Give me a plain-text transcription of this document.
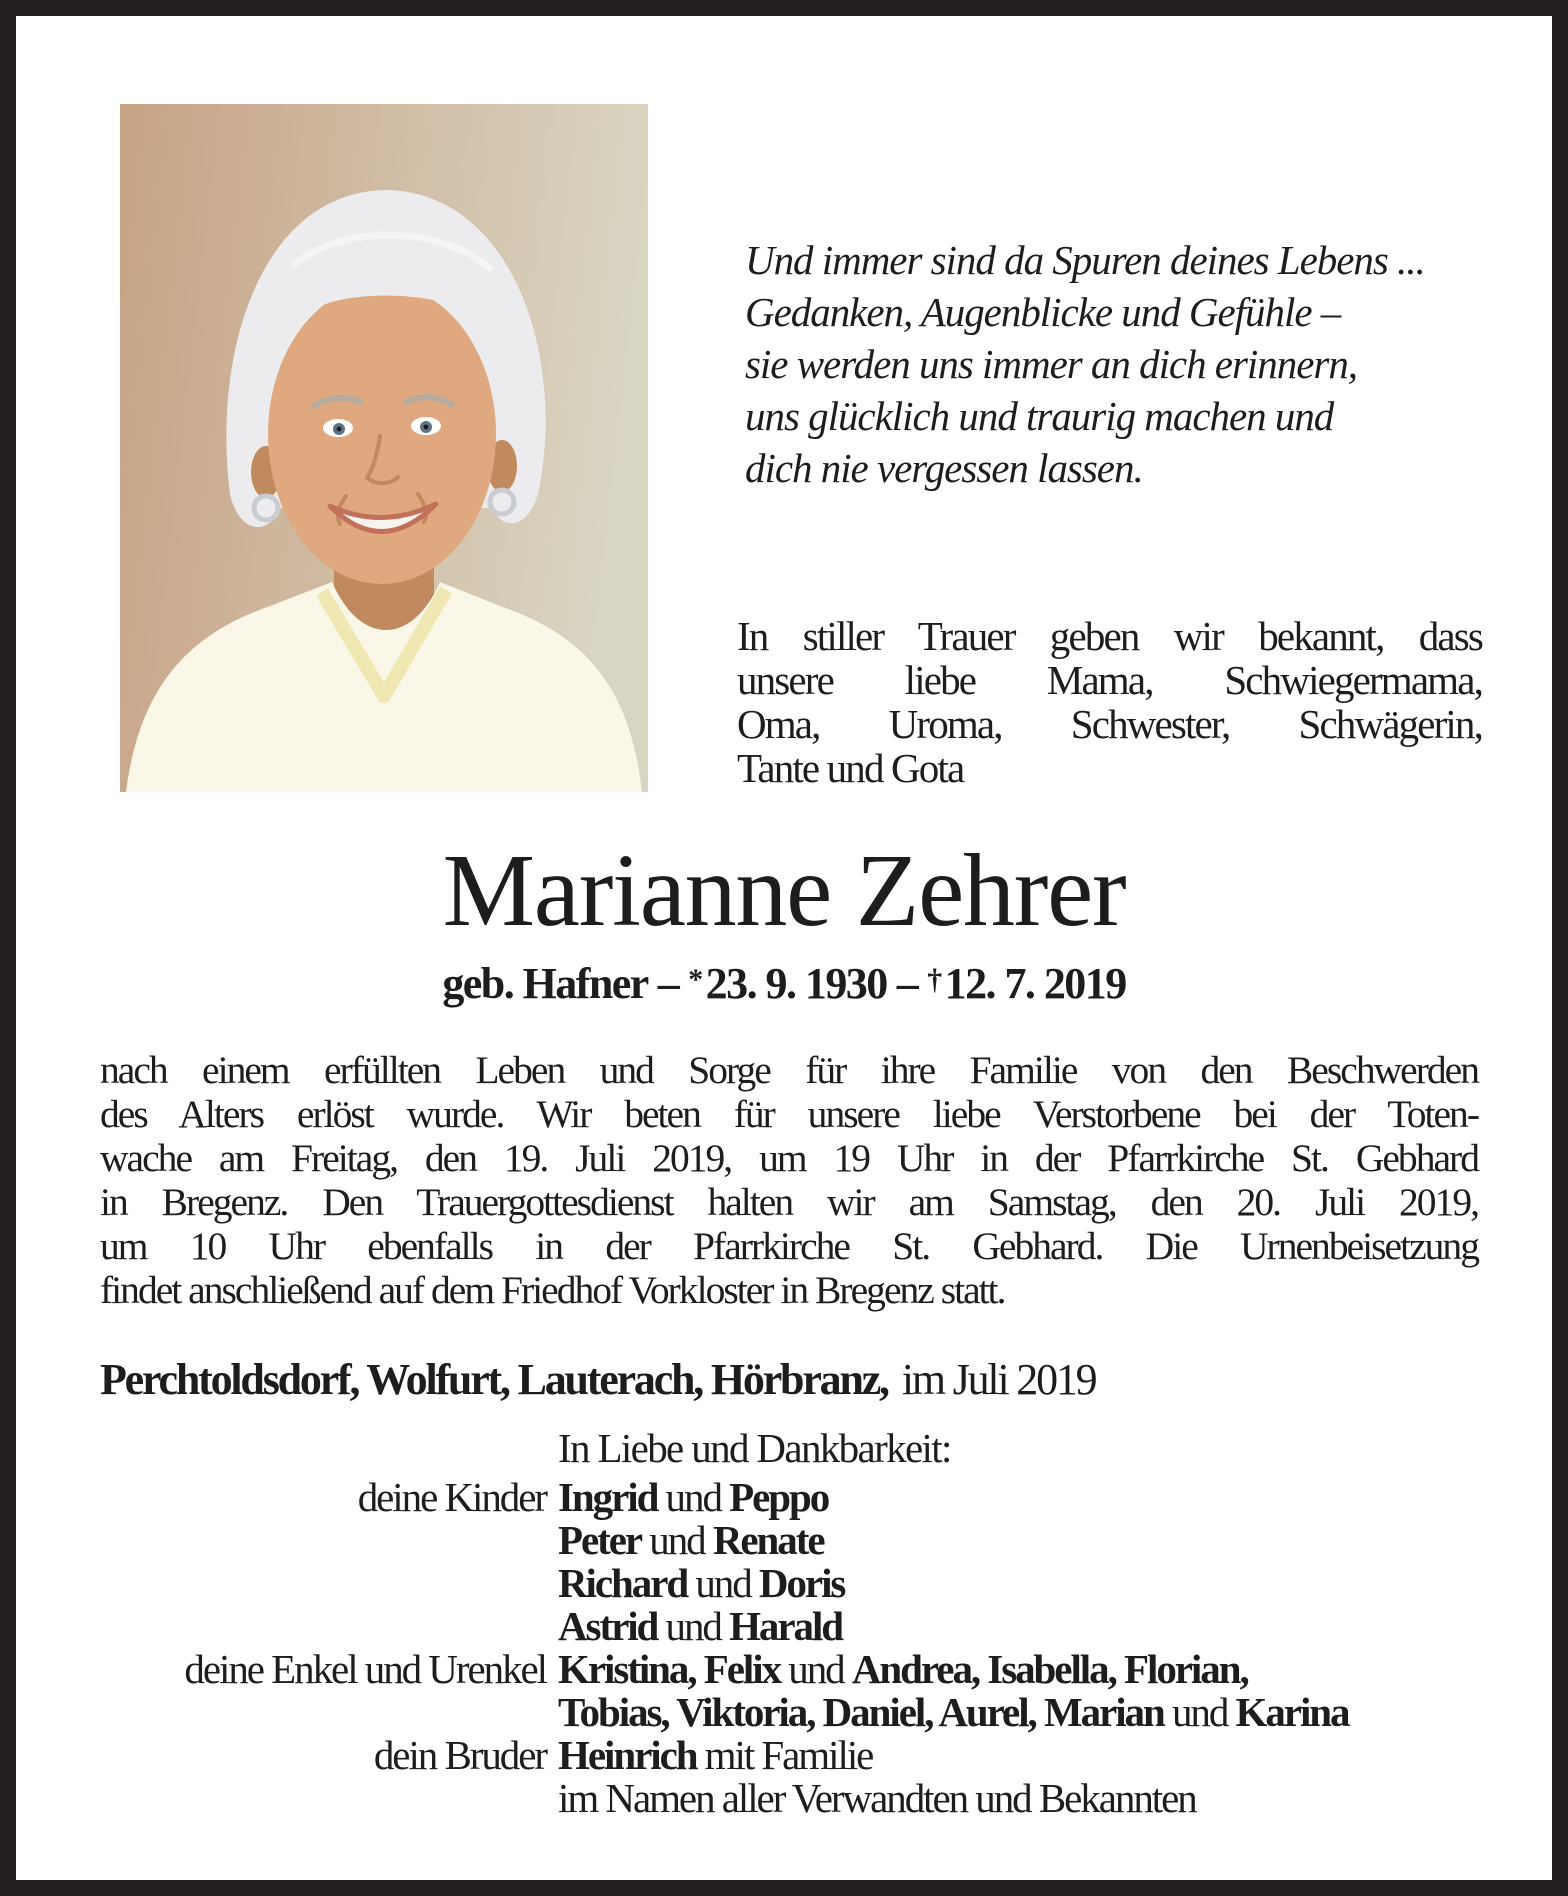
Und immer sind da Spuren deines Lebens ...
Gedanken, Augenblicke und Gefühle –
sie werden uns immer an dich erinnern,
uns glücklich und traurig machen und
dich nie vergessen lassen.
In stiller Trauer geben wir bekannt, dass
unsere liebe Mama, Schwiegermama,
Oma, Uroma, Schwester, Schwägerin,
Tante und Gota
Marianne Zehrer
geb. Hafner – *23. 9. 1930 – †12. 7. 2019
nach einem erfüllten Leben und Sorge für ihre Familie von den Beschwerden
des Alters erlöst wurde. Wir beten für unsere liebe Verstorbene bei der Toten-
wache am Freitag, den 19. Juli 2019, um 19 Uhr in der Pfarrkirche St. Gebhard
in Bregenz. Den Trauergottesdienst halten wir am Samstag, den 20. Juli 2019,
um 10 Uhr ebenfalls in der Pfarrkirche St. Gebhard. Die Urnenbeisetzung
findet anschließend auf dem Friedhof Vorkloster in Bregenz statt.
Perchtoldsdorf, Wolfurt, Lauterach, Hörbranz, im Juli 2019
In Liebe und Dankbarkeit:
deine Kinder Ingrid und Peppo
Peter und Renate
Richard und Doris
Astrid und Harald
deine Enkel und Urenkel Kristina, Felix und Andrea, Isabella, Florian,
Tobias, Viktoria, Daniel, Aurel, Marian und Karina
dein Bruder Heinrich mit Familie
im Namen aller Verwandten und Bekannten
